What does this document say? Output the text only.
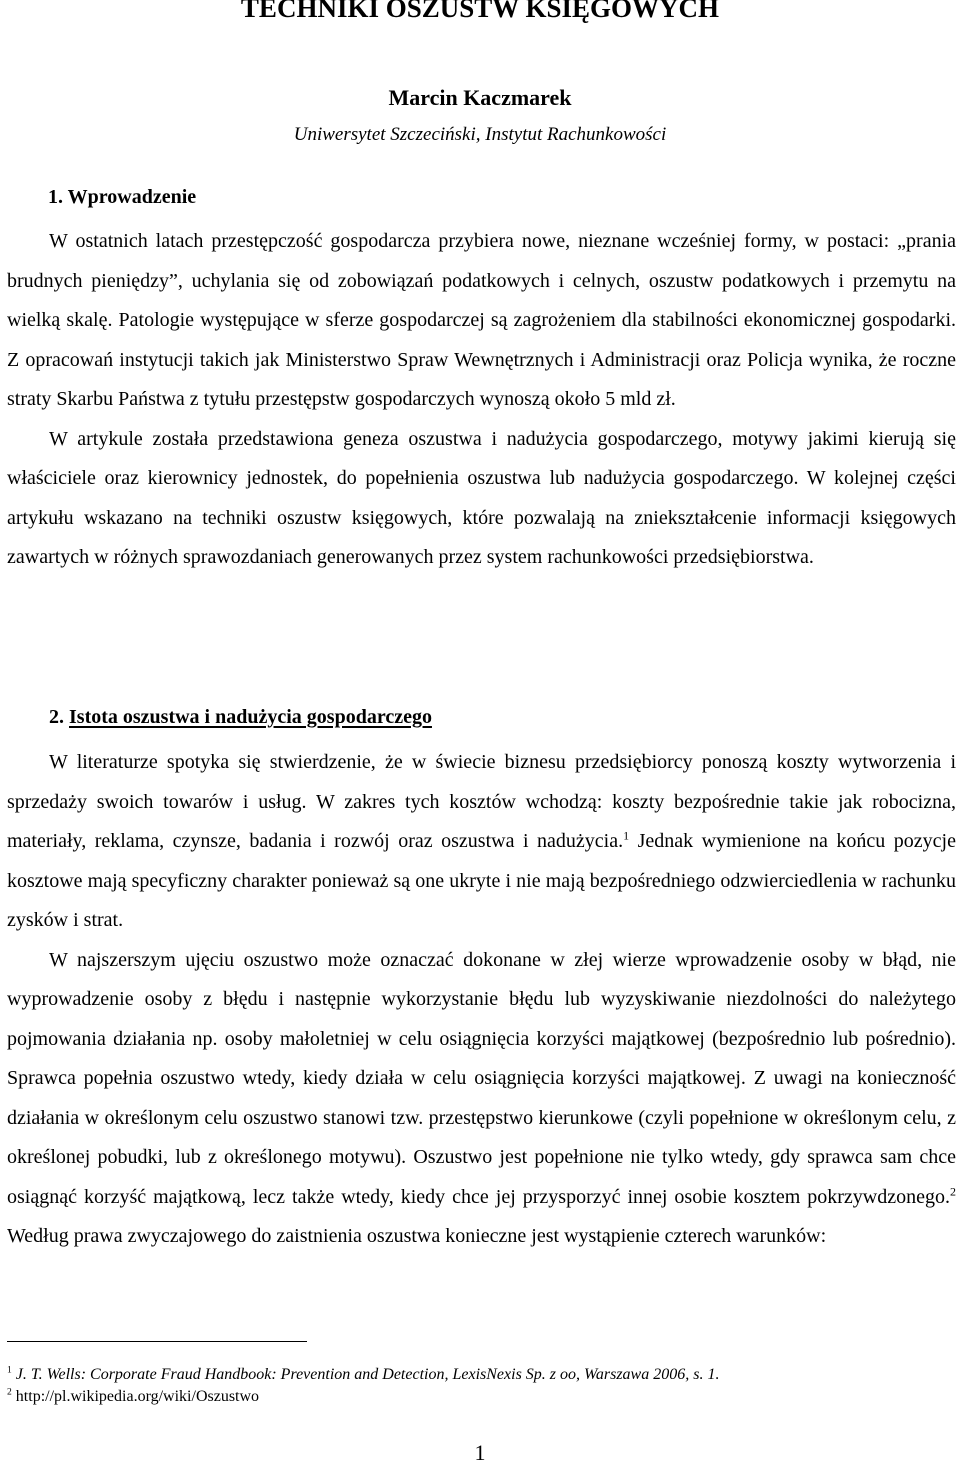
TECHNIKI OSZUSTW KSIĘGOWYCH
Marcin Kaczmarek
Uniwersytet Szczeciński, Instytut Rachunkowości
1. Wprowadzenie

W ostatnich latach przestępczość gospodarcza przybiera nowe, nieznane wcześniej formy, w postaci: „prania brudnych pieniędzy”, uchylania się od zobowiązań podatkowych i celnych, oszustw podatkowych i przemytu na wielką skalę. Patologie występujące w sferze gospodarczej są zagrożeniem dla stabilności ekonomicznej gospodarki. Z opracowań instytucji takich jak Ministerstwo Spraw Wewnętrznych i Administracji oraz Policja wynika, że roczne straty Skarbu Państwa z tytułu przestępstw gospodarczych wynoszą około 5 mld zł.

W artykule została przedstawiona geneza oszustwa i nadużycia gospodarczego, motywy jakimi kierują się właściciele oraz kierownicy jednostek, do popełnienia oszustwa lub nadużycia gospodarczego. W kolejnej części artykułu wskazano na techniki oszustw księgowych, które pozwalają na zniekształcenie informacji księgowych zawartych w różnych sprawozdaniach generowanych przez system rachunkowości przedsiębiorstwa.

2. Istota oszustwa i nadużycia gospodarczego

W literaturze spotyka się stwierdzenie, że w świecie biznesu przedsiębiorcy ponoszą koszty wytworzenia i sprzedaży swoich towarów i usług. W zakres tych kosztów wchodzą: koszty bezpośrednie takie jak robocizna, materiały, reklama, czynsze, badania i rozwój oraz oszustwa i nadużycia.$^1$ Jednak wymienione na końcu pozycje kosztowe mają specyficzny charakter ponieważ są one ukryte i nie mają bezpośredniego odzwierciedlenia w rachunku zysków i strat.

W najszerszym ujęciu oszustwo może oznaczać dokonane w złej wierze wprowadzenie osoby w błąd, nie wyprowadzenie osoby z błędu i następnie wykorzystanie błędu lub wyzyskiwanie niezdolności do należytego pojmowania działania np. osoby małoletniej w celu osiągnięcia korzyści majątkowej (bezpośrednio lub pośrednio). Sprawca popełnia oszustwo wtedy, kiedy działa w celu osiągnięcia korzyści majątkowej. Z uwagi na konieczność działania w określonym celu oszustwo stanowi tzw. przestępstwo kierunkowe (czyli popełnione w określonym celu, z określonej pobudki, lub z określonego motywu). Oszustwo jest popełnione nie tylko wtedy, gdy sprawca sam chce osiągnąć korzyść majątkową, lecz także wtedy, kiedy chce jej przysporzyć innej osobie kosztem pokrzywdzonego.$^2$ Według prawa zwyczajowego do zaistnienia oszustwa konieczne jest wystąpienie czterech warunków:

$^1$ J. T. Wells: Corporate Fraud Handbook: Prevention and Detection, LexisNexis Sp. z oo, Warszawa 2006, s. 1.
$^2$ http://pl.wikipedia.org/wiki/Oszustwo
1
